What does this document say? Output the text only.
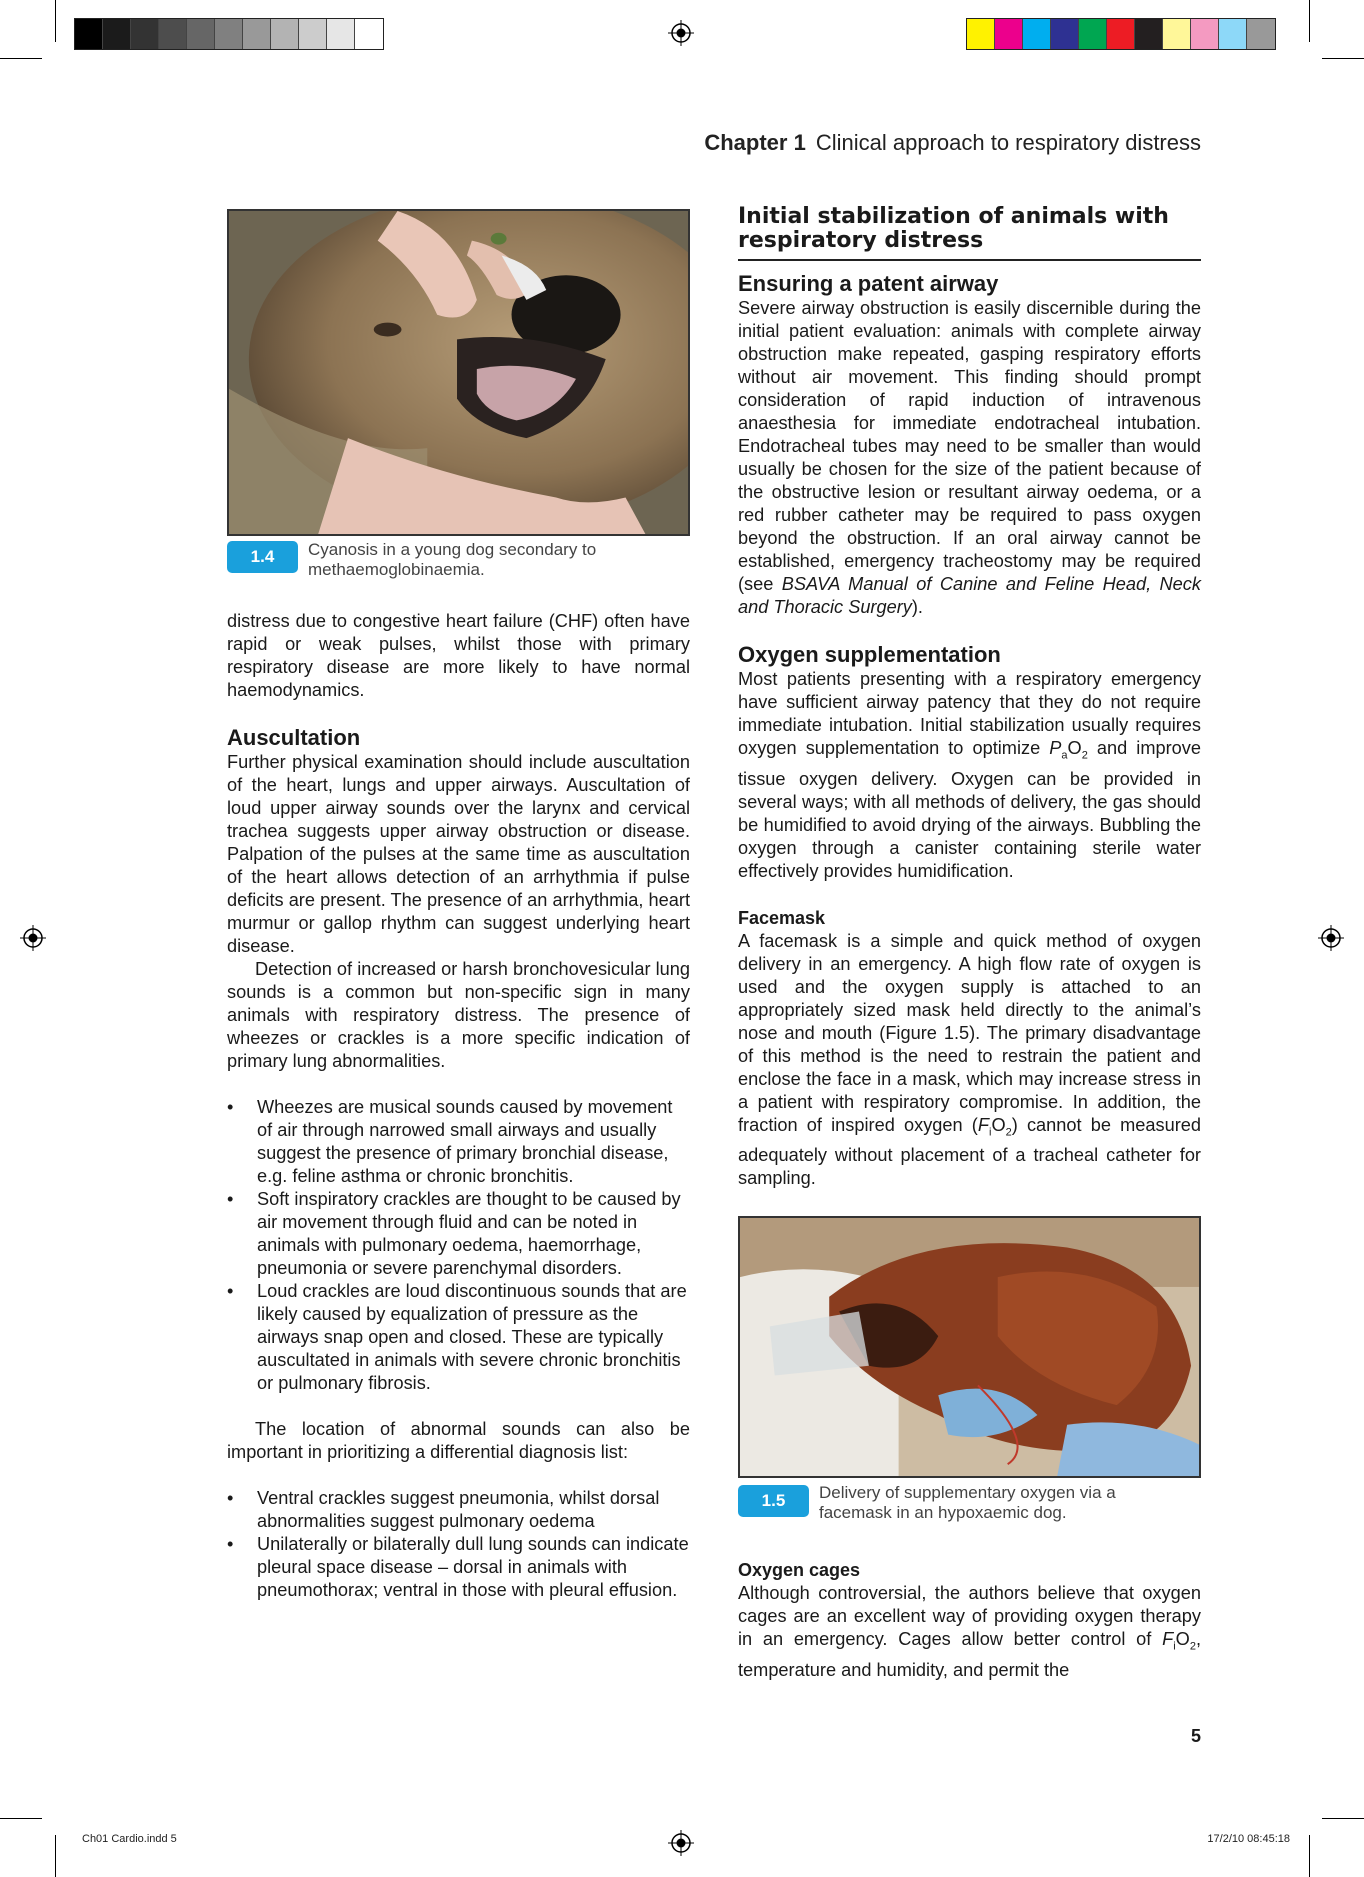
Chapter 1 Clinical approach to respiratory distress
1.4	Cyanosis in a young dog secondary to methaemoglobinaemia.

distress due to congestive heart failure (CHF) often have rapid or weak pulses, whilst those with primary respiratory disease are more likely to have normal haemodynamics.

Auscultation

Further physical examination should include auscultation of the heart, lungs and upper airways. Auscultation of loud upper airway sounds over the larynx and cervical trachea suggests upper airway obstruction or disease. Palpation of the pulses at the same time as auscultation of the heart allows detection of an arrhythmia if pulse deficits are present. The presence of an arrhythmia, heart murmur or gallop rhythm can suggest underlying heart disease.

Detection of increased or harsh bronchovesicular lung sounds is a common but non-specific sign in many animals with respiratory distress. The presence of wheezes or crackles is a more specific indication of primary lung abnormalities.

• Wheezes are musical sounds caused by movement of air through narrowed small airways and usually suggest the presence of primary bronchial disease, e.g. feline asthma or chronic bronchitis.
• Soft inspiratory crackles are thought to be caused by air movement through fluid and can be noted in animals with pulmonary oedema, haemorrhage, pneumonia or severe parenchymal disorders.
• Loud crackles are loud discontinuous sounds that are likely caused by equalization of pressure as the airways snap open and closed. These are typically auscultated in animals with severe chronic bronchitis or pulmonary fibrosis.

The location of abnormal sounds can also be important in prioritizing a differential diagnosis list:

• Ventral crackles suggest pneumonia, whilst dorsal abnormalities suggest pulmonary oedema
• Unilaterally or bilaterally dull lung sounds can indicate pleural space disease – dorsal in animals with pneumothorax; ventral in those with pleural effusion.
Initial stabilization of animals with respiratory distress
Ensuring a patent airway

Severe airway obstruction is easily discernible during the initial patient evaluation: animals with complete airway obstruction make repeated, gasping respiratory efforts without air movement. This finding should prompt consideration of rapid induction of intravenous anaesthesia for immediate endotracheal intubation. Endotracheal tubes may need to be smaller than would usually be chosen for the size of the patient because of the obstructive lesion or resultant airway oedema, or a red rubber catheter may be required to pass oxygen beyond the obstruction. If an oral airway cannot be established, emergency tracheostomy may be required (see BSAVA Manual of Canine and Feline Head, Neck and Thoracic Surgery).

Oxygen supplementation

Most patients presenting with a respiratory emergency have sufficient airway patency that they do not require immediate intubation. Initial stabilization usually requires oxygen supplementation to optimize $P_aO_2$ and improve tissue oxygen delivery. Oxygen can be provided in several ways; with all methods of delivery, the gas should be humidified to avoid drying of the airways. Bubbling the oxygen through a canister containing sterile water effectively provides humidification.

Facemask

A facemask is a simple and quick method of oxygen delivery in an emergency. A high flow rate of oxygen is used and the oxygen supply is attached to an appropriately sized mask held directly to the animal’s nose and mouth (Figure 1.5). The primary disadvantage of this method is the need to restrain the patient and enclose the face in a mask, which may increase stress in a patient with respiratory compromise. In addition, the fraction of inspired oxygen $(F_iO_2)$ cannot be measured adequately without placement of a tracheal catheter for sampling.

1.5	Delivery of supplementary oxygen via a facemask in an hypoxaemic dog.
Oxygen cages

Although controversial, the authors believe that oxygen cages are an excellent way of providing oxygen therapy in an emergency. Cages allow better control of $F_iO_2$, temperature and humidity, and permit the

5
Ch01 Cardio.indd 5	17/2/10 08:45:18
